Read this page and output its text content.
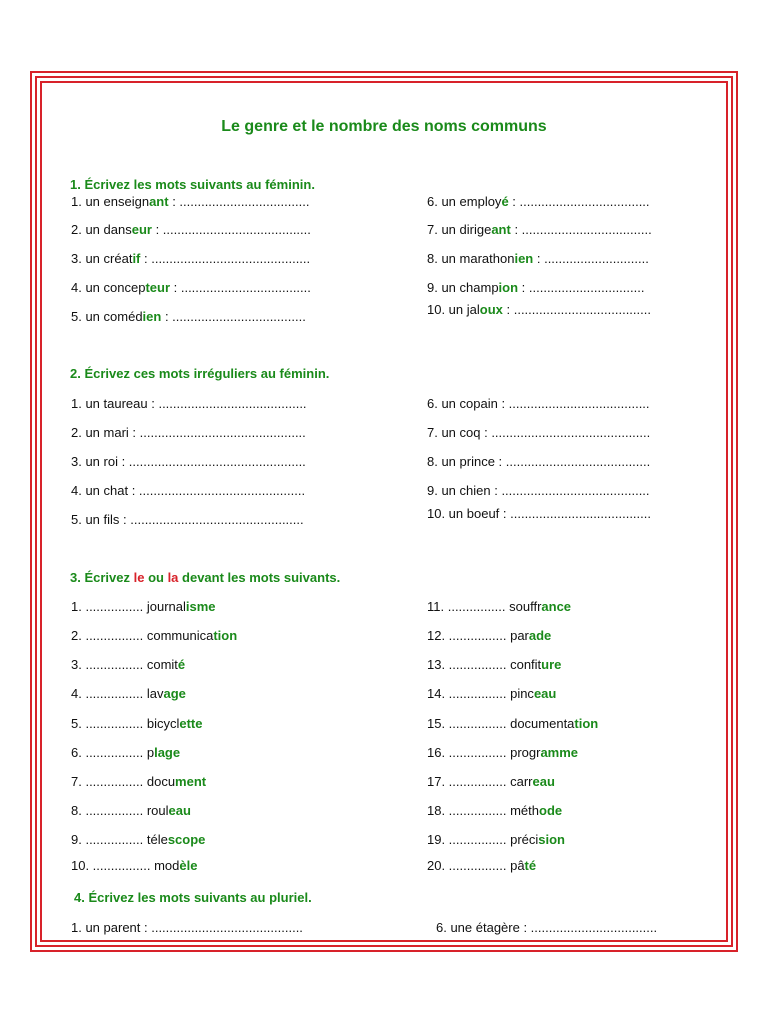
Le genre et le nombre des noms communs
1. Écrivez les mots suivants au féminin.
1. un enseignant : ....................................
2. un danseur : .........................................
3. un créatif : ............................................
4. un concepteur : ....................................
5. un comédien : .....................................
6. un employé : ....................................
7. un dirigeant : ....................................
8. un marathonien : .............................
9. un champion : ................................
10. un jaloux : ......................................
2. Écrivez ces mots irréguliers au féminin.
1. un taureau : .........................................
2. un mari : ..............................................
3. un roi : .................................................
4. un chat : ..............................................
5. un fils : ................................................
6. un copain : .......................................
7. un coq : ............................................
8. un prince : ........................................
9. un chien : .........................................
10. un boeuf : .......................................
3. Écrivez le ou la devant les mots suivants.
1. ................ journalisme
2. ................ communication
3. ................ comité
4. ................ lavage
5. ................ bicyclette
6. ................ plage
7. ................ document
8. ................ rouleau
9. ................ télescope
10. ................ modèle
11. ................ souffrance
12. ................ parade
13. ................ confiture
14. ................ pinceau
15. ................ documentation
16. ................ programme
17. ................ carreau
18. ................ méthode
19. ................ précision
20. ................ pâté
4. Écrivez les mots suivants au pluriel.
1. un parent : ..........................................	6. une étagère : ...................................
